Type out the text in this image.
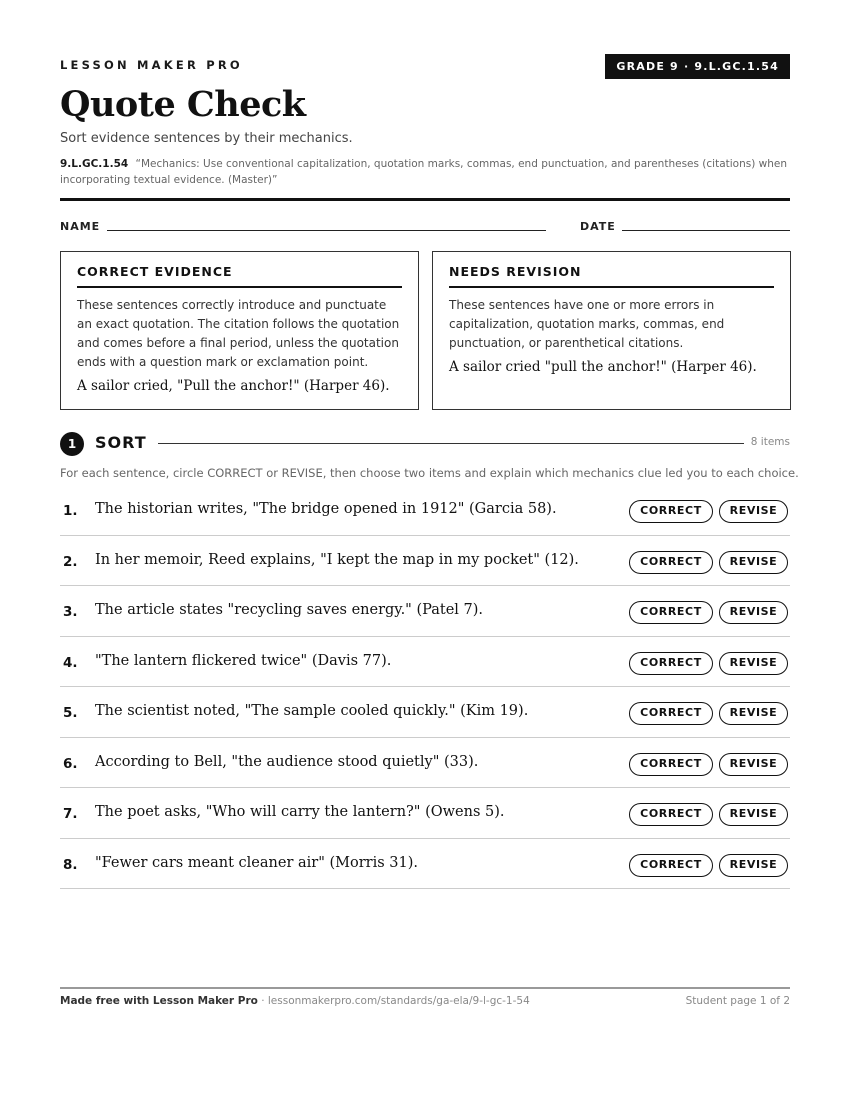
LESSON MAKER PRO	GRADE 9 · 9.L.GC.1.54
Quote Check
Sort evidence sentences by their mechanics.
9.L.GC.1.54 “Mechanics: Use conventional capitalization, quotation marks, commas, end punctuation, and parentheses (citations) when incorporating textual evidence. (Master)”
NAME	DATE
CORRECT EVIDENCE
These sentences correctly introduce and punctuate an exact quotation. The citation follows the quotation and comes before a final period, unless the quotation ends with a question mark or exclamation point.
A sailor cried, "Pull the anchor!" (Harper 46).
NEEDS REVISION
These sentences have one or more errors in capitalization, quotation marks, commas, end punctuation, or parenthetical citations.
A sailor cried "pull the anchor!" (Harper 46).
1	SORT	8 items
For each sentence, circle CORRECT or REVISE, then choose two items and explain which mechanics clue led you to each choice.
1. The historian writes, "The bridge opened in 1912" (Garcia 58).	CORRECT	REVISE
2. In her memoir, Reed explains, "I kept the map in my pocket" (12).	CORRECT	REVISE
3. The article states "recycling saves energy." (Patel 7).	CORRECT	REVISE
4. "The lantern flickered twice" (Davis 77).	CORRECT	REVISE
5. The scientist noted, "The sample cooled quickly." (Kim 19).	CORRECT	REVISE
6. According to Bell, "the audience stood quietly" (33).	CORRECT	REVISE
7. The poet asks, "Who will carry the lantern?" (Owens 5).	CORRECT	REVISE
8. "Fewer cars meant cleaner air" (Morris 31).	CORRECT	REVISE
Made free with Lesson Maker Pro · lessonmakerpro.com/standards/ga-ela/9-l-gc-1-54	Student page 1 of 2
